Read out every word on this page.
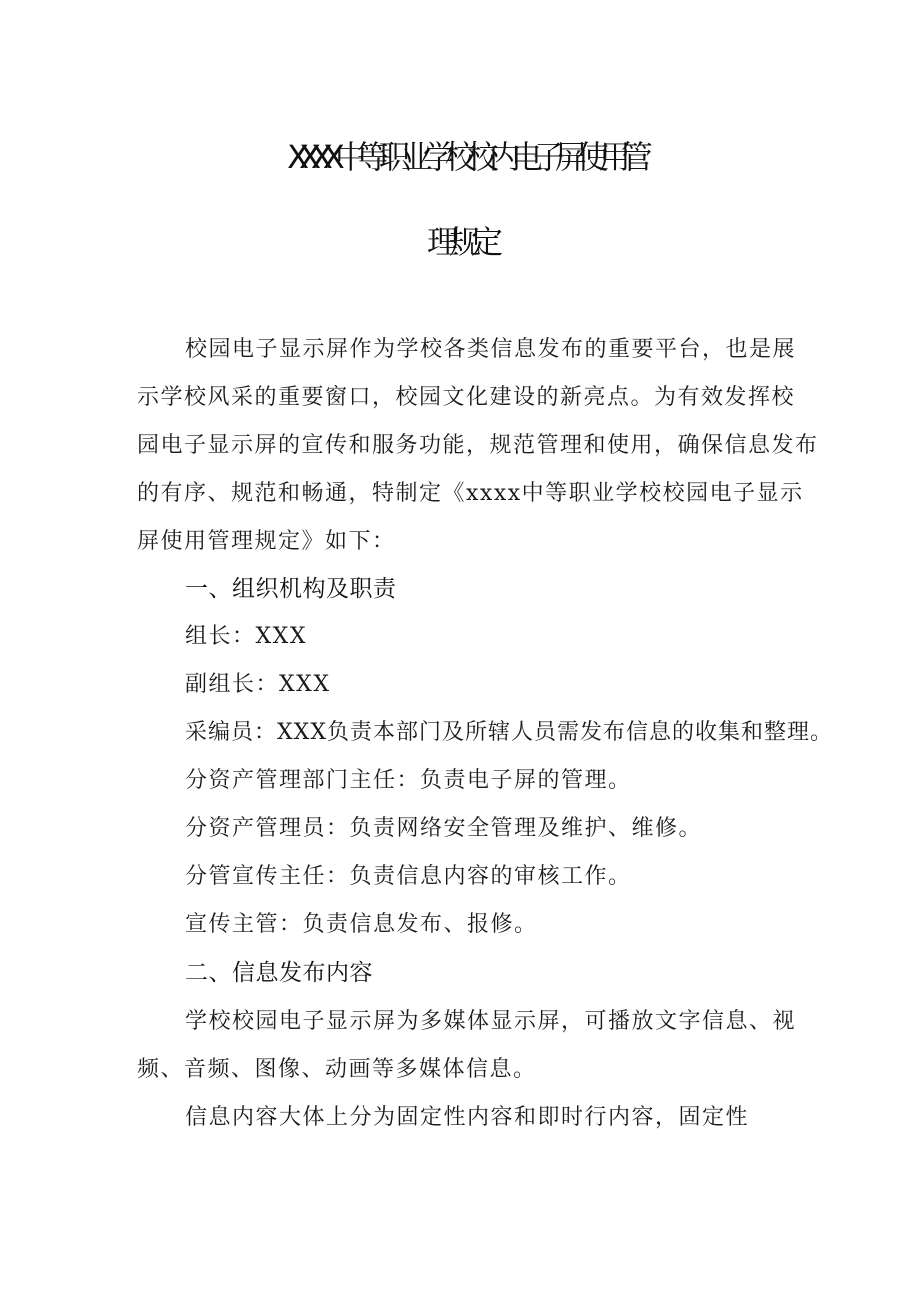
XXXX中等职业学校校内电子屏使用管
理规定
校园电子显示屏作为学校各类信息发布的重要平台，也是展
示学校风采的重要窗口，校园文化建设的新亮点。为有效发挥校
园电子显示屏的宣传和服务功能，规范管理和使用，确保信息发布
的有序、规范和畅通，特制定《xxxx中等职业学校校园电子显示
屏使用管理规定》如下：
一、组织机构及职责
组长：XXX
副组长：XXX
采编员：XXX负责本部门及所辖人员需发布信息的收集和整理。
分资产管理部门主任：负责电子屏的管理。
分资产管理员：负责网络安全管理及维护、维修。
分管宣传主任：负责信息内容的审核工作。
宣传主管：负责信息发布、报修。
二、信息发布内容
学校校园电子显示屏为多媒体显示屏，可播放文字信息、视
频、音频、图像、动画等多媒体信息。
信息内容大体上分为固定性内容和即时行内容，固定性
